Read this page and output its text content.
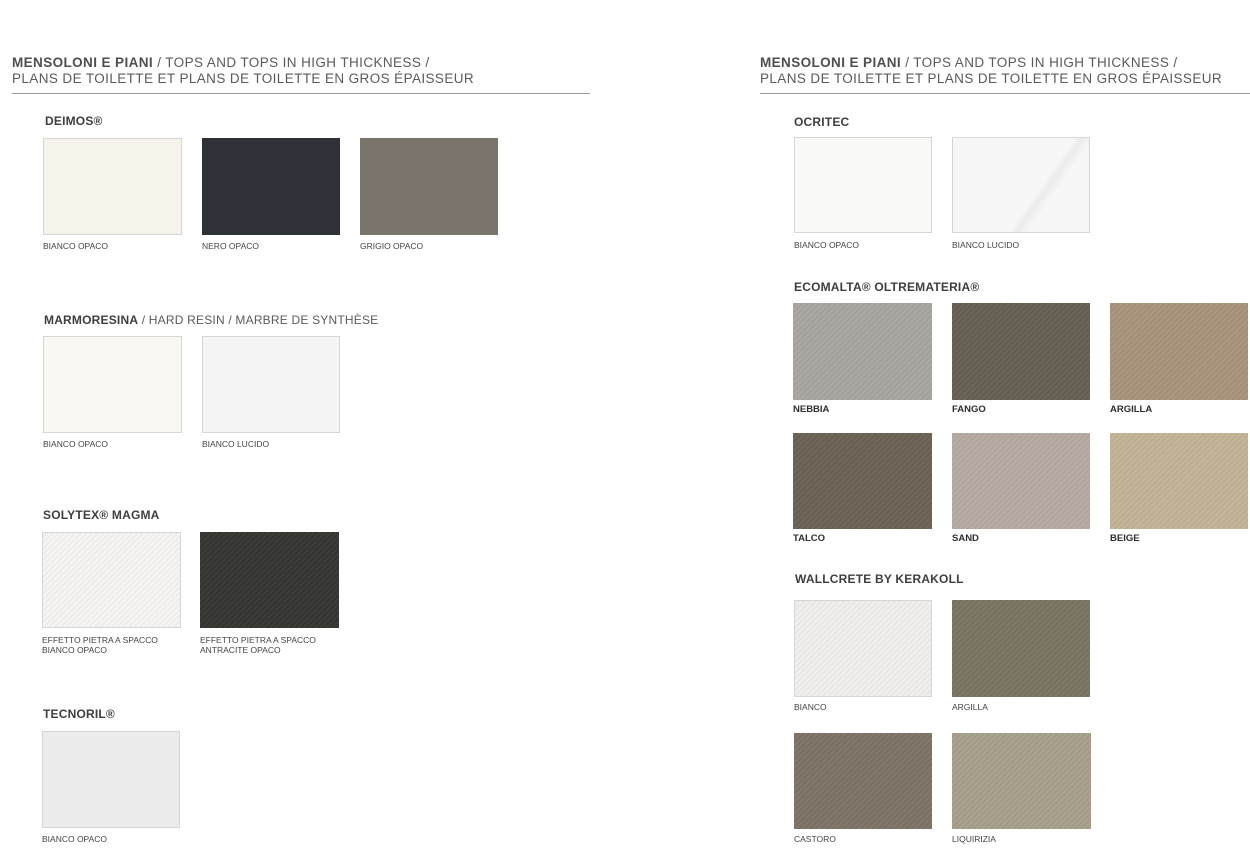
MENSOLONI E PIANI / TOPS AND TOPS IN HIGH THICKNESS /
PLANS DE TOILETTE ET PLANS DE TOILETTE EN GROS ÉPAISSEUR
MENSOLONI E PIANI / TOPS AND TOPS IN HIGH THICKNESS /
PLANS DE TOILETTE ET PLANS DE TOILETTE EN GROS ÉPAISSEUR
DEIMOS®
BIANCO OPACO	NERO OPACO	GRIGIO OPACO
MARMORESINA / HARD RESIN / MARBRE DE SYNTHÈSE
BIANCO OPACO	BIANCO LUCIDO
SOLYTEX® MAGMA
EFFETTO PIETRA A SPACCO
BIANCO OPACO
EFFETTO PIETRA A SPACCO
ANTRACITE OPACO
TECNORIL®
BIANCO OPACO
OCRITEC
BIANCO OPACO	BIANCO LUCIDO
ECOMALTA® OLTREMATERIA®
NEBBIA	FANGO	ARGILLA
TALCO	SAND	BEIGE
WALLCRETE BY KERAKOLL
BIANCO	ARGILLA
CASTORO	LIQUIRIZIA
